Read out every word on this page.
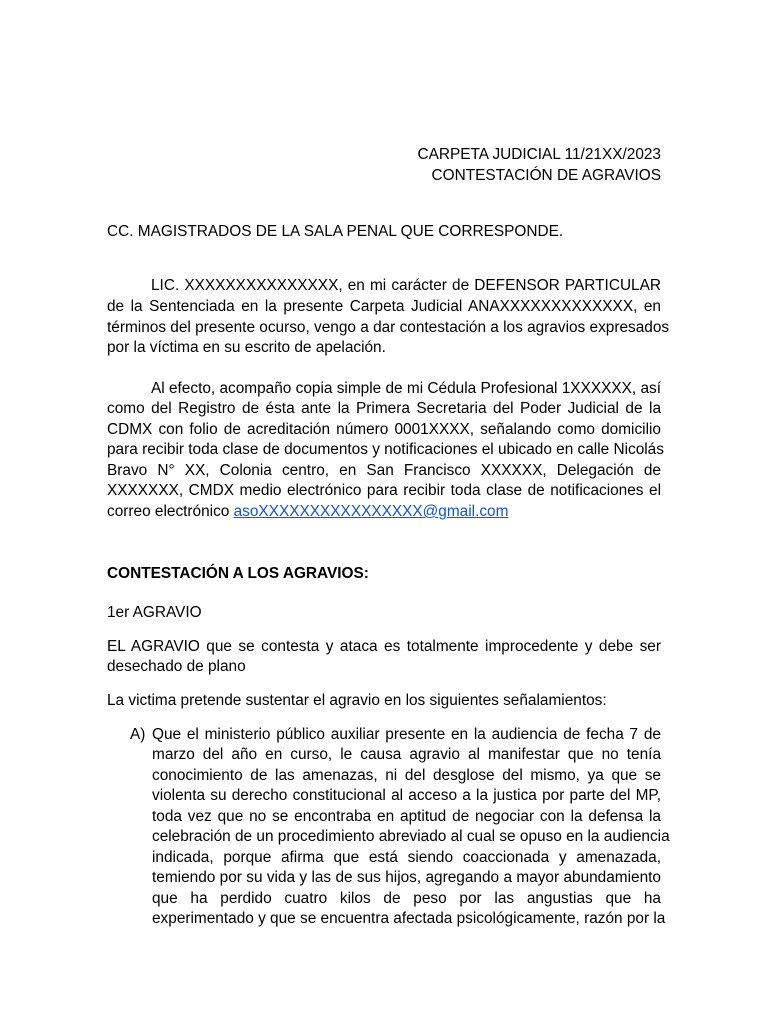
CARPETA JUDICIAL 11/21XX/2023
CONTESTACIÓN DE AGRAVIOS
CC. MAGISTRADOS DE LA SALA PENAL QUE CORRESPONDE.
LIC. XXXXXXXXXXXXXXX, en mi carácter de DEFENSOR PARTICULAR
de la Sentenciada en la presente Carpeta Judicial ANAXXXXXXXXXXXXX, en
términos del presente ocurso, vengo a dar contestación a los agravios expresados
por la víctima en su escrito de apelación.
Al efecto, acompaño copia simple de mi Cédula Profesional 1XXXXXX, así
como del Registro de ésta ante la Primera Secretaria del Poder Judicial de la
CDMX con folio de acreditación número 0001XXXX, señalando como domicilio
para recibir toda clase de documentos y notificaciones el ubicado en calle Nicolás
Bravo N° XX, Colonia centro, en San Francisco XXXXXX, Delegación de
XXXXXXX, CMDX medio electrónico para recibir toda clase de notificaciones el
correo electrónico asoXXXXXXXXXXXXXXXX@gmail.com
CONTESTACIÓN A LOS AGRAVIOS:
1er AGRAVIO
EL AGRAVIO que se contesta y ataca es totalmente improcedente y debe ser
desechado de plano
La victima pretende sustentar el agravio en los siguientes señalamientos:
A) Que el ministerio público auxiliar presente en la audiencia de fecha 7 de
marzo del año en curso, le causa agravio al manifestar que no tenía
conocimiento de las amenazas, ni del desglose del mismo, ya que se
violenta su derecho constitucional al acceso a la justica por parte del MP,
toda vez que no se encontraba en aptitud de negociar con la defensa la
celebración de un procedimiento abreviado al cual se opuso en la audiencia
indicada, porque afirma que está siendo coaccionada y amenazada,
temiendo por su vida y las de sus hijos, agregando a mayor abundamiento
que ha perdido cuatro kilos de peso por las angustias que ha
experimentado y que se encuentra afectada psicológicamente, razón por la
